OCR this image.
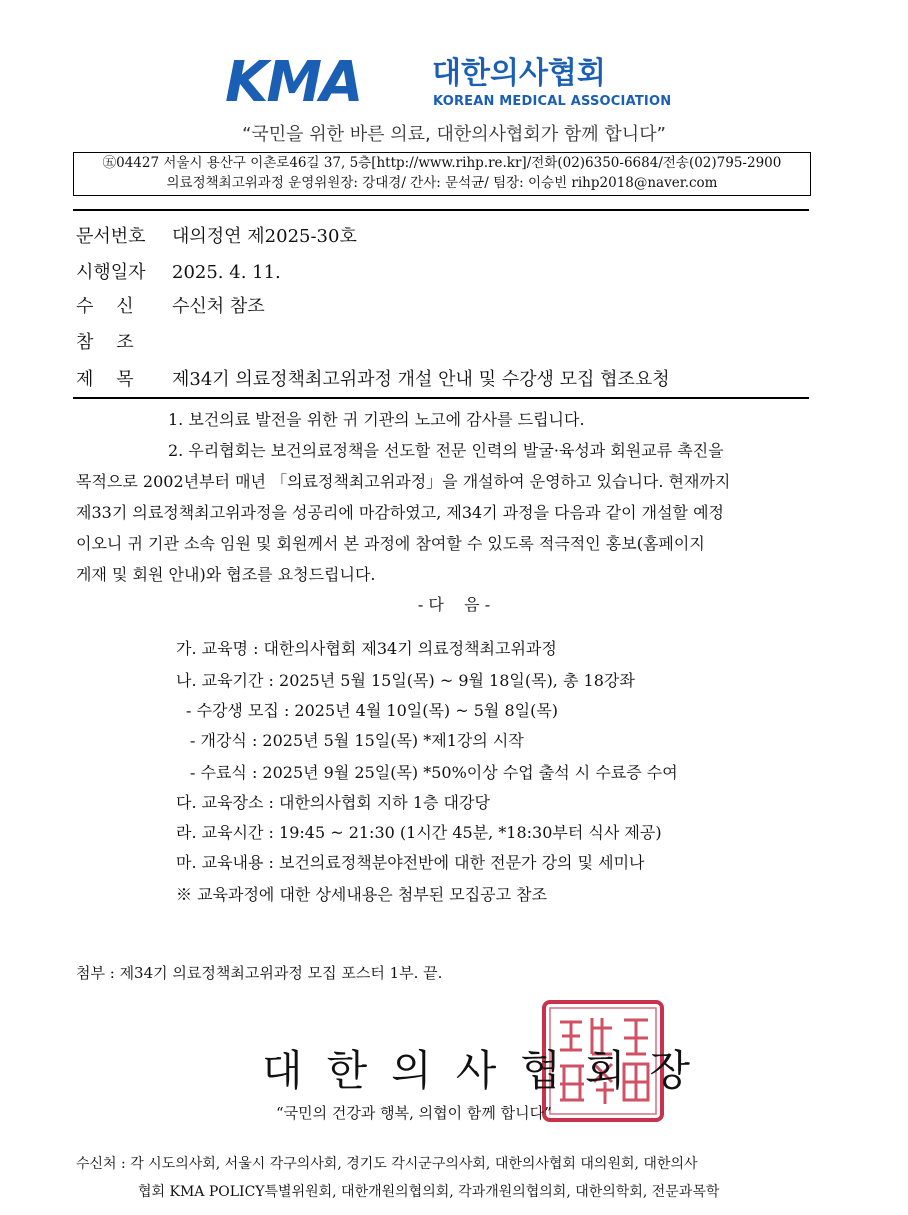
KMA 대한의사협회
KOREAN MEDICAL ASSOCIATION
“국민을 위한 바른 의료, 대한의사협회가 함께 합니다”
㊄04427 서울시 용산구 이촌로46길 37, 5층[http://www.rihp.re.kr]/전화(02)6350-6684/전송(02)795-2900
의료정책최고위과정 운영위원장: 강대경/ 간사: 문석균/ 팀장: 이승빈 rihp2018@naver.com
문서번호 대의정연 제2025-30호
시행일자 2025. 4. 11.
수    신 수신처 참조
참    조
제    목 제34기 의료정책최고위과정 개설 안내 및 수강생 모집 협조요청
1. 보건의료 발전을 위한 귀 기관의 노고에 감사를 드립니다.
2. 우리협회는 보건의료정책을 선도할 전문 인력의 발굴·육성과 회원교류 촉진을
목적으로 2002년부터 매년 「의료정책최고위과정」을 개설하여 운영하고 있습니다. 현재까지
제33기 의료정책최고위과정을 성공리에 마감하였고, 제34기 과정을 다음과 같이 개설할 예정
이오니 귀 기관 소속 임원 및 회원께서 본 과정에 참여할 수 있도록 적극적인 홍보(홈페이지
게재 및 회원 안내)와 협조를 요청드립니다.
- 다    음 -
가. 교육명 : 대한의사협회 제34기 의료정책최고위과정
나. 교육기간 : 2025년 5월 15일(목) ~ 9월 18일(목), 총 18강좌
- 수강생 모집 : 2025년 4월 10일(목) ~ 5월 8일(목)
- 개강식 : 2025년 5월 15일(목) *제1강의 시작
- 수료식 : 2025년 9월 25일(목) *50%이상 수업 출석 시 수료증 수여
다. 교육장소 : 대한의사협회 지하 1층 대강당
라. 교육시간 : 19:45 ~ 21:30 (1시간 45분, *18:30부터 식사 제공)
마. 교육내용 : 보건의료정책분야전반에 대한 전문가 강의 및 세미나
※ 교육과정에 대한 상세내용은 첨부된 모집공고 참조
첨부 : 제34기 의료정책최고위과정 모집 포스터 1부. 끝.
대한의사협회장
“국민의 건강과 행복, 의협이 함께 합니다”
수신처 : 각 시도의사회, 서울시 각구의사회, 경기도 각시군구의사회, 대한의사협회 대의원회, 대한의사
협회 KMA POLICY특별위원회, 대한개원의협의회, 각과개원의협의회, 대한의학회, 전문과목학
